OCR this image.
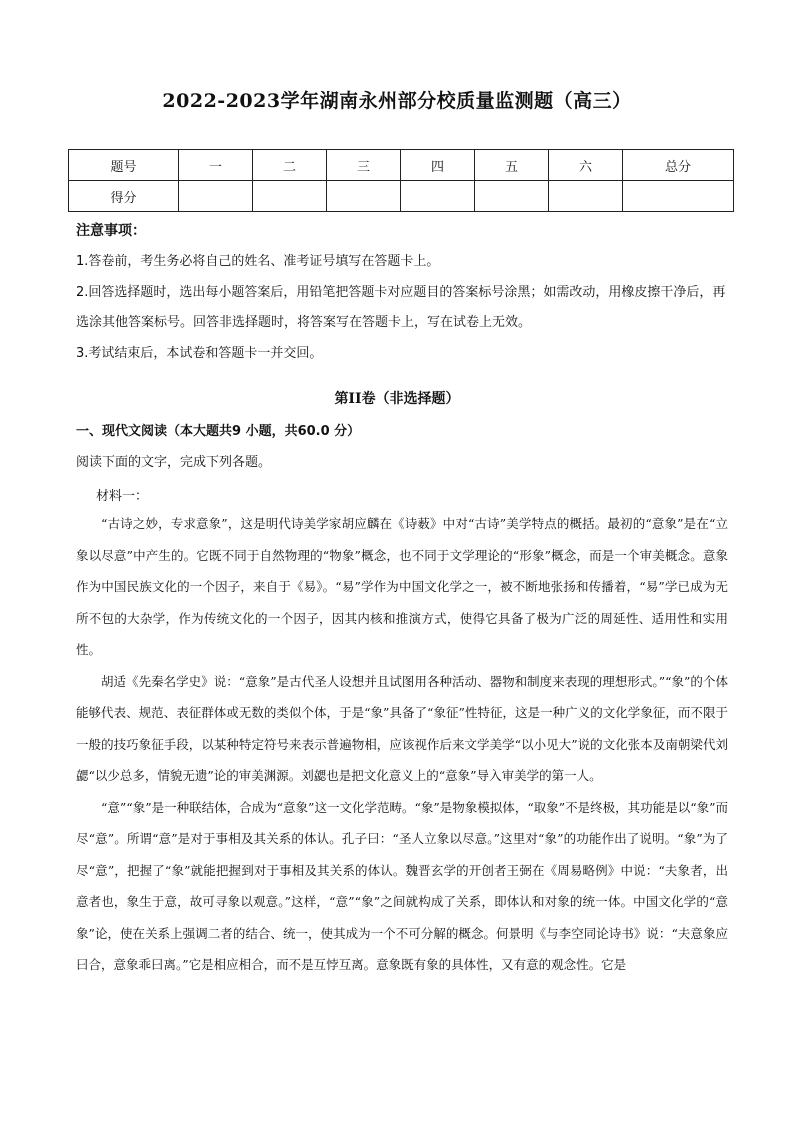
2022-2023学年湖南永州部分校质量监测题（高三）
题号	一	二	三	四	五	六	总分
得分							
注意事项：
1.答卷前，考生务必将自己的姓名、准考证号填写在答题卡上。
2.回答选择题时，选出每小题答案后，用铅笔把答题卡对应题目的答案标号涂黑；如需改动，用橡皮擦干净后，再选涂其他答案标号。回答非选择题时，将答案写在答题卡上，写在试卷上无效。
3.考试结束后，本试卷和答题卡一并交回。
第II卷（非选择题）
一、现代文阅读（本大题共9 小题，共60.0 分）
阅读下面的文字，完成下列各题。
材料一：

“古诗之妙，专求意象”，这是明代诗美学家胡应麟在《诗薮》中对“古诗”美学特点的概括。最初的“意象”是在“立象以尽意”中产生的。它既不同于自然物理的“物象”概念，也不同于文学理论的“形象”概念，而是一个审美概念。意象作为中国民族文化的一个因子，来自于《易》。“易”学作为中国文化学之一，被不断地张扬和传播着，“易”学已成为无所不包的大杂学，作为传统文化的一个因子，因其内核和推演方式，使得它具备了极为广泛的周延性、适用性和实用性。

胡适《先秦名学史》说：“意象”是古代圣人设想并且试图用各种活动、器物和制度来表现的理想形式。”“象”的个体能够代表、规范、表征群体或无数的类似个体，于是“象”具备了“象征”性特征，这是一种广义的文化学象征，而不限于一般的技巧象征手段，以某种特定符号来表示普遍物相，应该视作后来文学美学“以小见大”说的文化张本及南朝梁代刘勰“以少总多，情貌无遗”论的审美渊源。刘勰也是把文化意义上的“意象”导入审美学的第一人。

“意”“象”是一种联结体，合成为“意象”这一文化学范畴。“象”是物象模拟体，“取象”不是终极，其功能是以“象”而尽“意”。所谓“意”是对于事相及其关系的体认。孔子曰：“圣人立象以尽意。”这里对“象”的功能作出了说明。“象”为了尽“意”，把握了“象”就能把握到对于事相及其关系的体认。魏晋玄学的开创者王弼在《周易略例》中说：“夫象者，出意者也，象生于意，故可寻象以观意。”这样，“意”“象”之间就构成了关系，即体认和对象的统一体。中国文化学的“意象”论，使在关系上强调二者的结合、统一，使其成为一个不可分解的概念。何景明《与李空同论诗书》说：“夫意象应曰合，意象乖曰离。”它是相应相合，而不是互悖互离。意象既有象的具体性，又有意的观念性。它是
